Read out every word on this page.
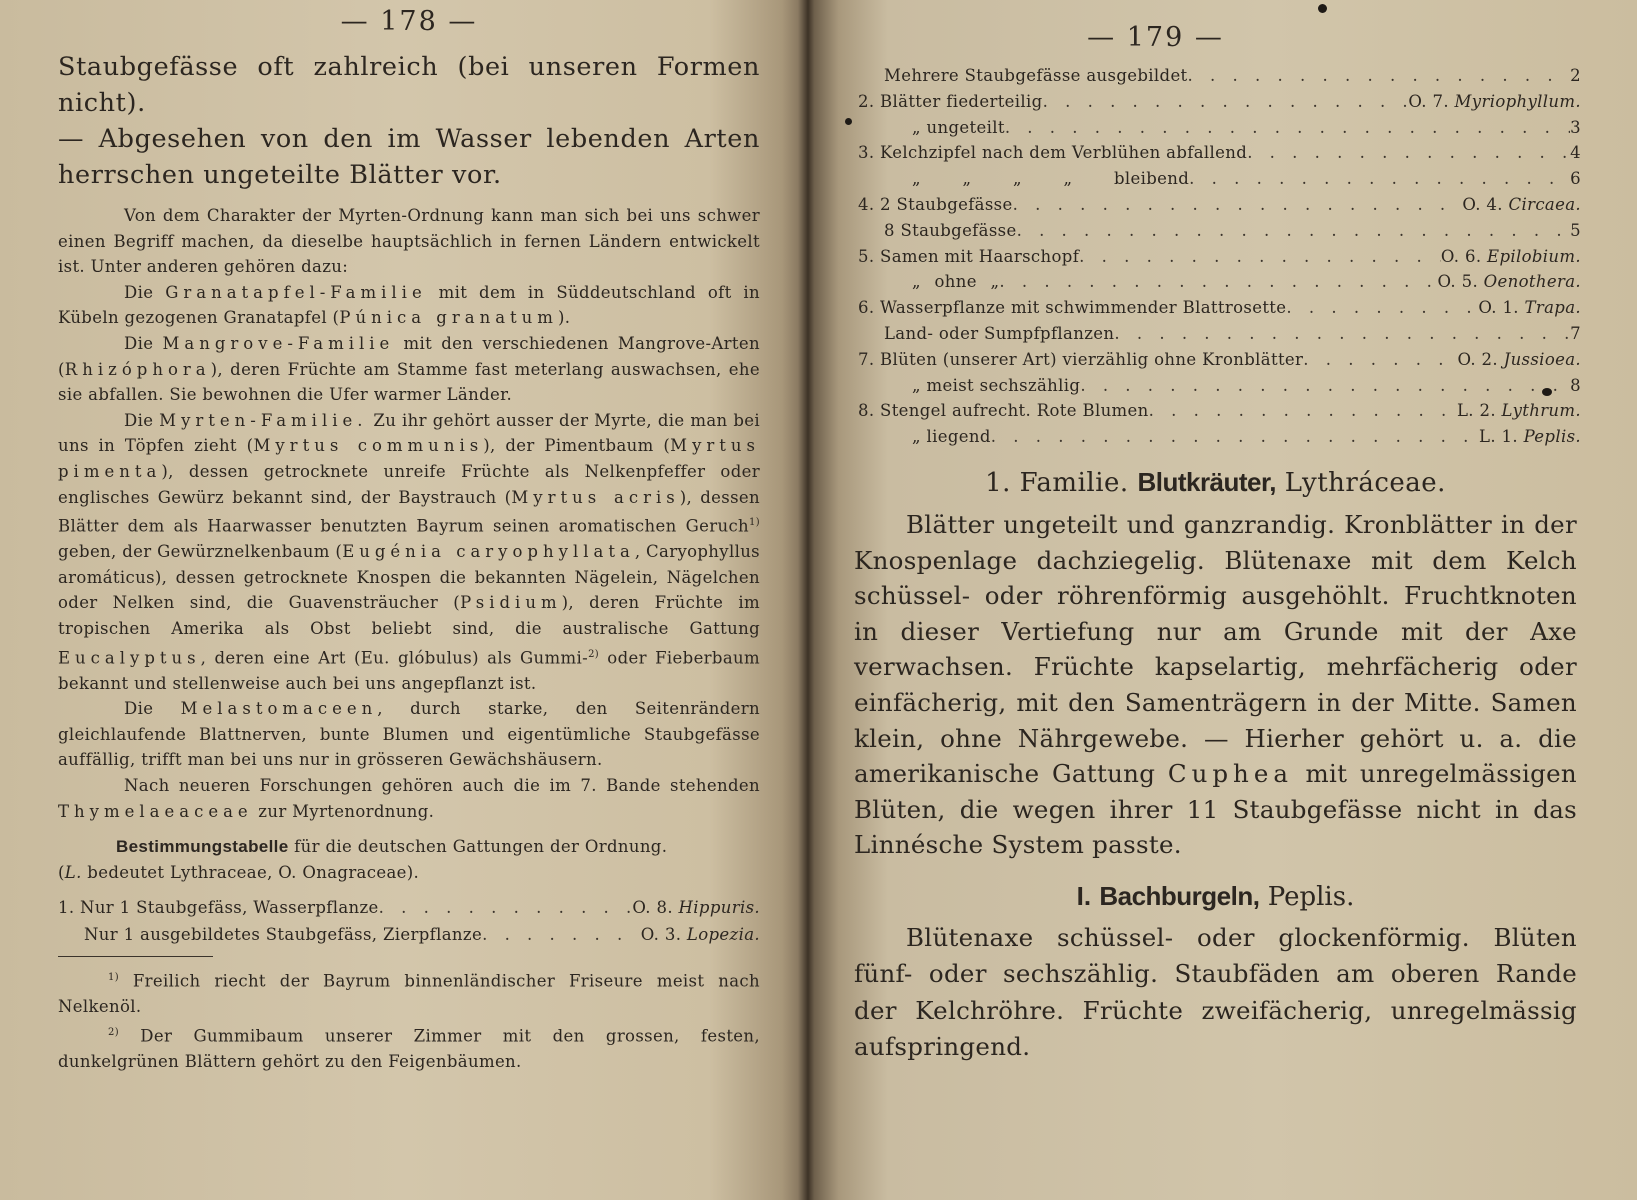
— 178 —
Staubgefässe oft zahlreich (bei unseren Formen nicht).
— Abgesehen von den im Wasser lebenden Arten
herrschen ungeteilte Blätter vor.

Von dem Charakter der Myrten-Ordnung kann man sich bei uns schwer einen Begriff machen, da dieselbe hauptsächlich in fernen Ländern entwickelt ist. Unter anderen gehören dazu:

Die Granatapfel-Familie mit dem in Süddeutschland oft in Kübeln gezogenen Granatapfel (Púnica granatum).

Die Mangrove-Familie mit den verschiedenen Mangrove-Arten (Rhizóphora), deren Früchte am Stamme fast meterlang auswachsen, ehe sie abfallen. Sie bewohnen die Ufer warmer Länder.

Die Myrten-Familie. Zu ihr gehört ausser der Myrte, die man bei uns in Töpfen zieht (Myrtus communis), der Pimentbaum (Myrtus pimenta), dessen getrocknete unreife Früchte als Nelkenpfeffer oder englisches Gewürz bekannt sind, der Baystrauch (Myrtus acris), dessen Blätter dem als Haarwasser benutzten Bayrum seinen aromatischen Geruch$^{1)}$ geben, der Gewürznelkenbaum (Eugénia caryophyllata, Caryophyllus aromáticus), dessen getrocknete Knospen die bekannten Nägelein, Nägelchen oder Nelken sind, die Guavensträucher (Psidium), deren Früchte im tropischen Amerika als Obst beliebt sind, die australische Gattung Eucalyptus, deren eine Art (Eu. glóbulus) als Gummi-$^{2)}$ oder Fieberbaum bekannt und stellenweise auch bei uns angepflanzt ist.

Die Melastomaceen, durch starke, den Seitenrändern gleichlaufende Blattnerven, bunte Blumen und eigentümliche Staubgefässe auffällig, trifft man bei uns nur in grösseren Gewächshäusern.

Nach neueren Forschungen gehören auch die im 7. Bande stehenden Thymelaeaceae zur Myrtenordnung.

Bestimmungstabelle für die deutschen Gattungen der Ordnung.
(L. bedeutet Lythraceae, O. Onagraceae).
1. Nur 1 Staubgefäss, Wasserpflanze . . .	O. 8. Hippuris.
Nur 1 ausgebildetes Staubgefäss, Zierpflanze . . .	O. 3. Lopezia.

$^{1)}$ Freilich riecht der Bayrum binnenländischer Friseure meist nach Nelkenöl.

$^{2)}$ Der Gummibaum unserer Zimmer mit den grossen, festen, dunkelgrünen Blättern gehört zu den Feigenbäumen.

— 179 —
Mehrere Staubgefässe ausgebildet . . .	2
2. Blätter fiederteilig . . .	O. 7. Myriophyllum.
„ ungeteilt . . .	3
3. Kelchzipfel nach dem Verblühen abfallend . . .	4
„ „ „ „ bleibend . . .	6
4. 2 Staubgefässe . . .	O. 4. Circaea.
8 Staubgefässe . . .	5
5. Samen mit Haarschopf . . .	O. 6. Epilobium.
„ ohne „ . . .	O. 5. Oenothera.
6. Wasserpflanze mit schwimmender Blattrosette . . .	O. 1. Trapa.
Land- oder Sumpfpflanzen . . .	7
7. Blüten (unserer Art) vierzählig ohne Kronblätter . . .	O. 2. Jussioea.
„ meist sechszählig . . .	8
8. Stengel aufrecht. Rote Blumen . . .	L. 2. Lythrum.
„ liegend . . .	L. 1. Peplis.
1. Familie. Blutkräuter, Lythráceae.

Blätter ungeteilt und ganzrandig. Kronblätter in der Knospenlage dachziegelig. Blütenaxe mit dem Kelch schüssel- oder röhrenförmig ausgehöhlt. Fruchtknoten in dieser Vertiefung nur am Grunde mit der Axe verwachsen. Früchte kapselartig, mehrfächerig oder einfächerig, mit den Samenträgern in der Mitte. Samen klein, ohne Nährgewebe. — Hierher gehört u. a. die amerikanische Gattung Cuphea mit unregelmässigen Blüten, die wegen ihrer 11 Staubgefässe nicht in das Linnésche System passte.

I. Bachburgeln, Peplis.

Blütenaxe schüssel- oder glockenförmig. Blüten fünf- oder sechszählig. Staubfäden am oberen Rande der Kelchröhre. Früchte zweifächerig, unregelmässig aufspringend.
